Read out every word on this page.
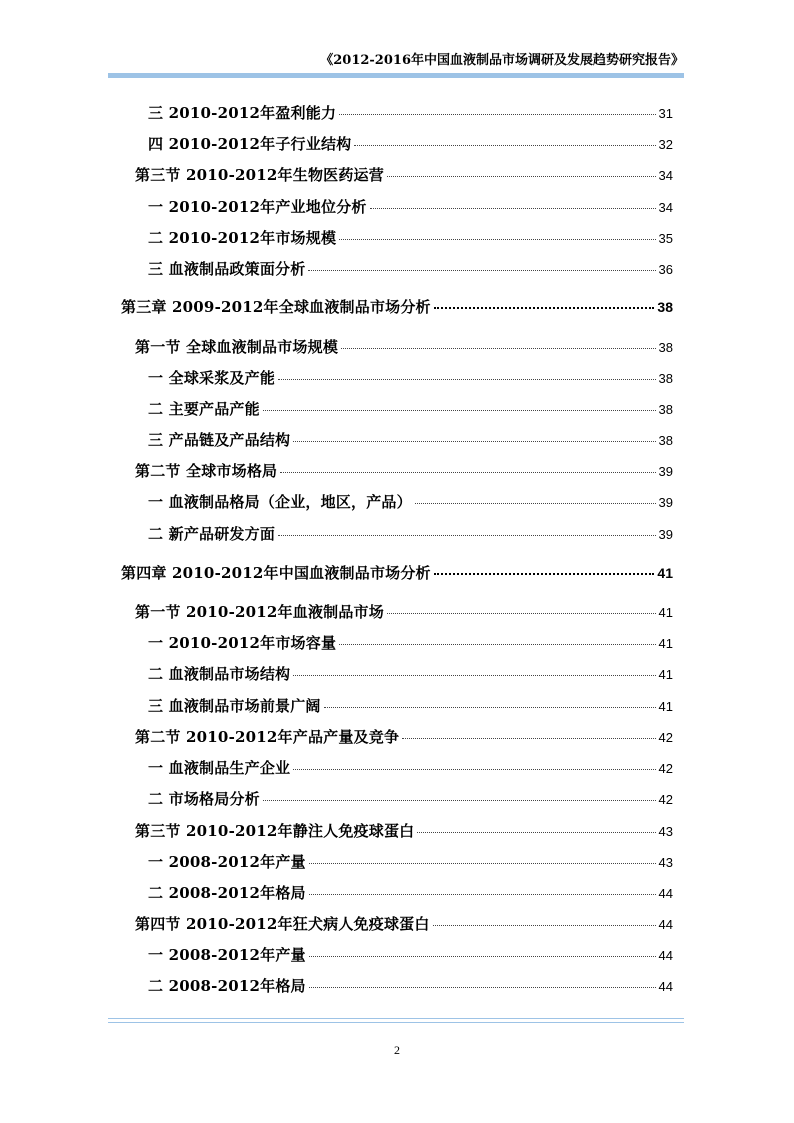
《2012-2016年中国血液制品市场调研及发展趋势研究报告》
三 2010-2012年盈利能力	31
四 2010-2012年子行业结构	32
第三节 2010-2012年生物医药运营	34
一 2010-2012年产业地位分析	34
二 2010-2012年市场规模	35
三 血液制品政策面分析	36
第三章 2009-2012年全球血液制品市场分析	38
第一节 全球血液制品市场规模	38
一 全球采浆及产能	38
二 主要产品产能	38
三 产品链及产品结构	38
第二节 全球市场格局	39
一 血液制品格局（企业，地区，产品）	39
二 新产品研发方面	39
第四章 2010-2012年中国血液制品市场分析	41
第一节 2010-2012年血液制品市场	41
一 2010-2012年市场容量	41
二 血液制品市场结构	41
三 血液制品市场前景广阔	41
第二节 2010-2012年产品产量及竞争	42
一 血液制品生产企业	42
二 市场格局分析	42
第三节 2010-2012年静注人免疫球蛋白	43
一 2008-2012年产量	43
二 2008-2012年格局	44
第四节 2010-2012年狂犬病人免疫球蛋白	44
一 2008-2012年产量	44
二 2008-2012年格局	44
2
